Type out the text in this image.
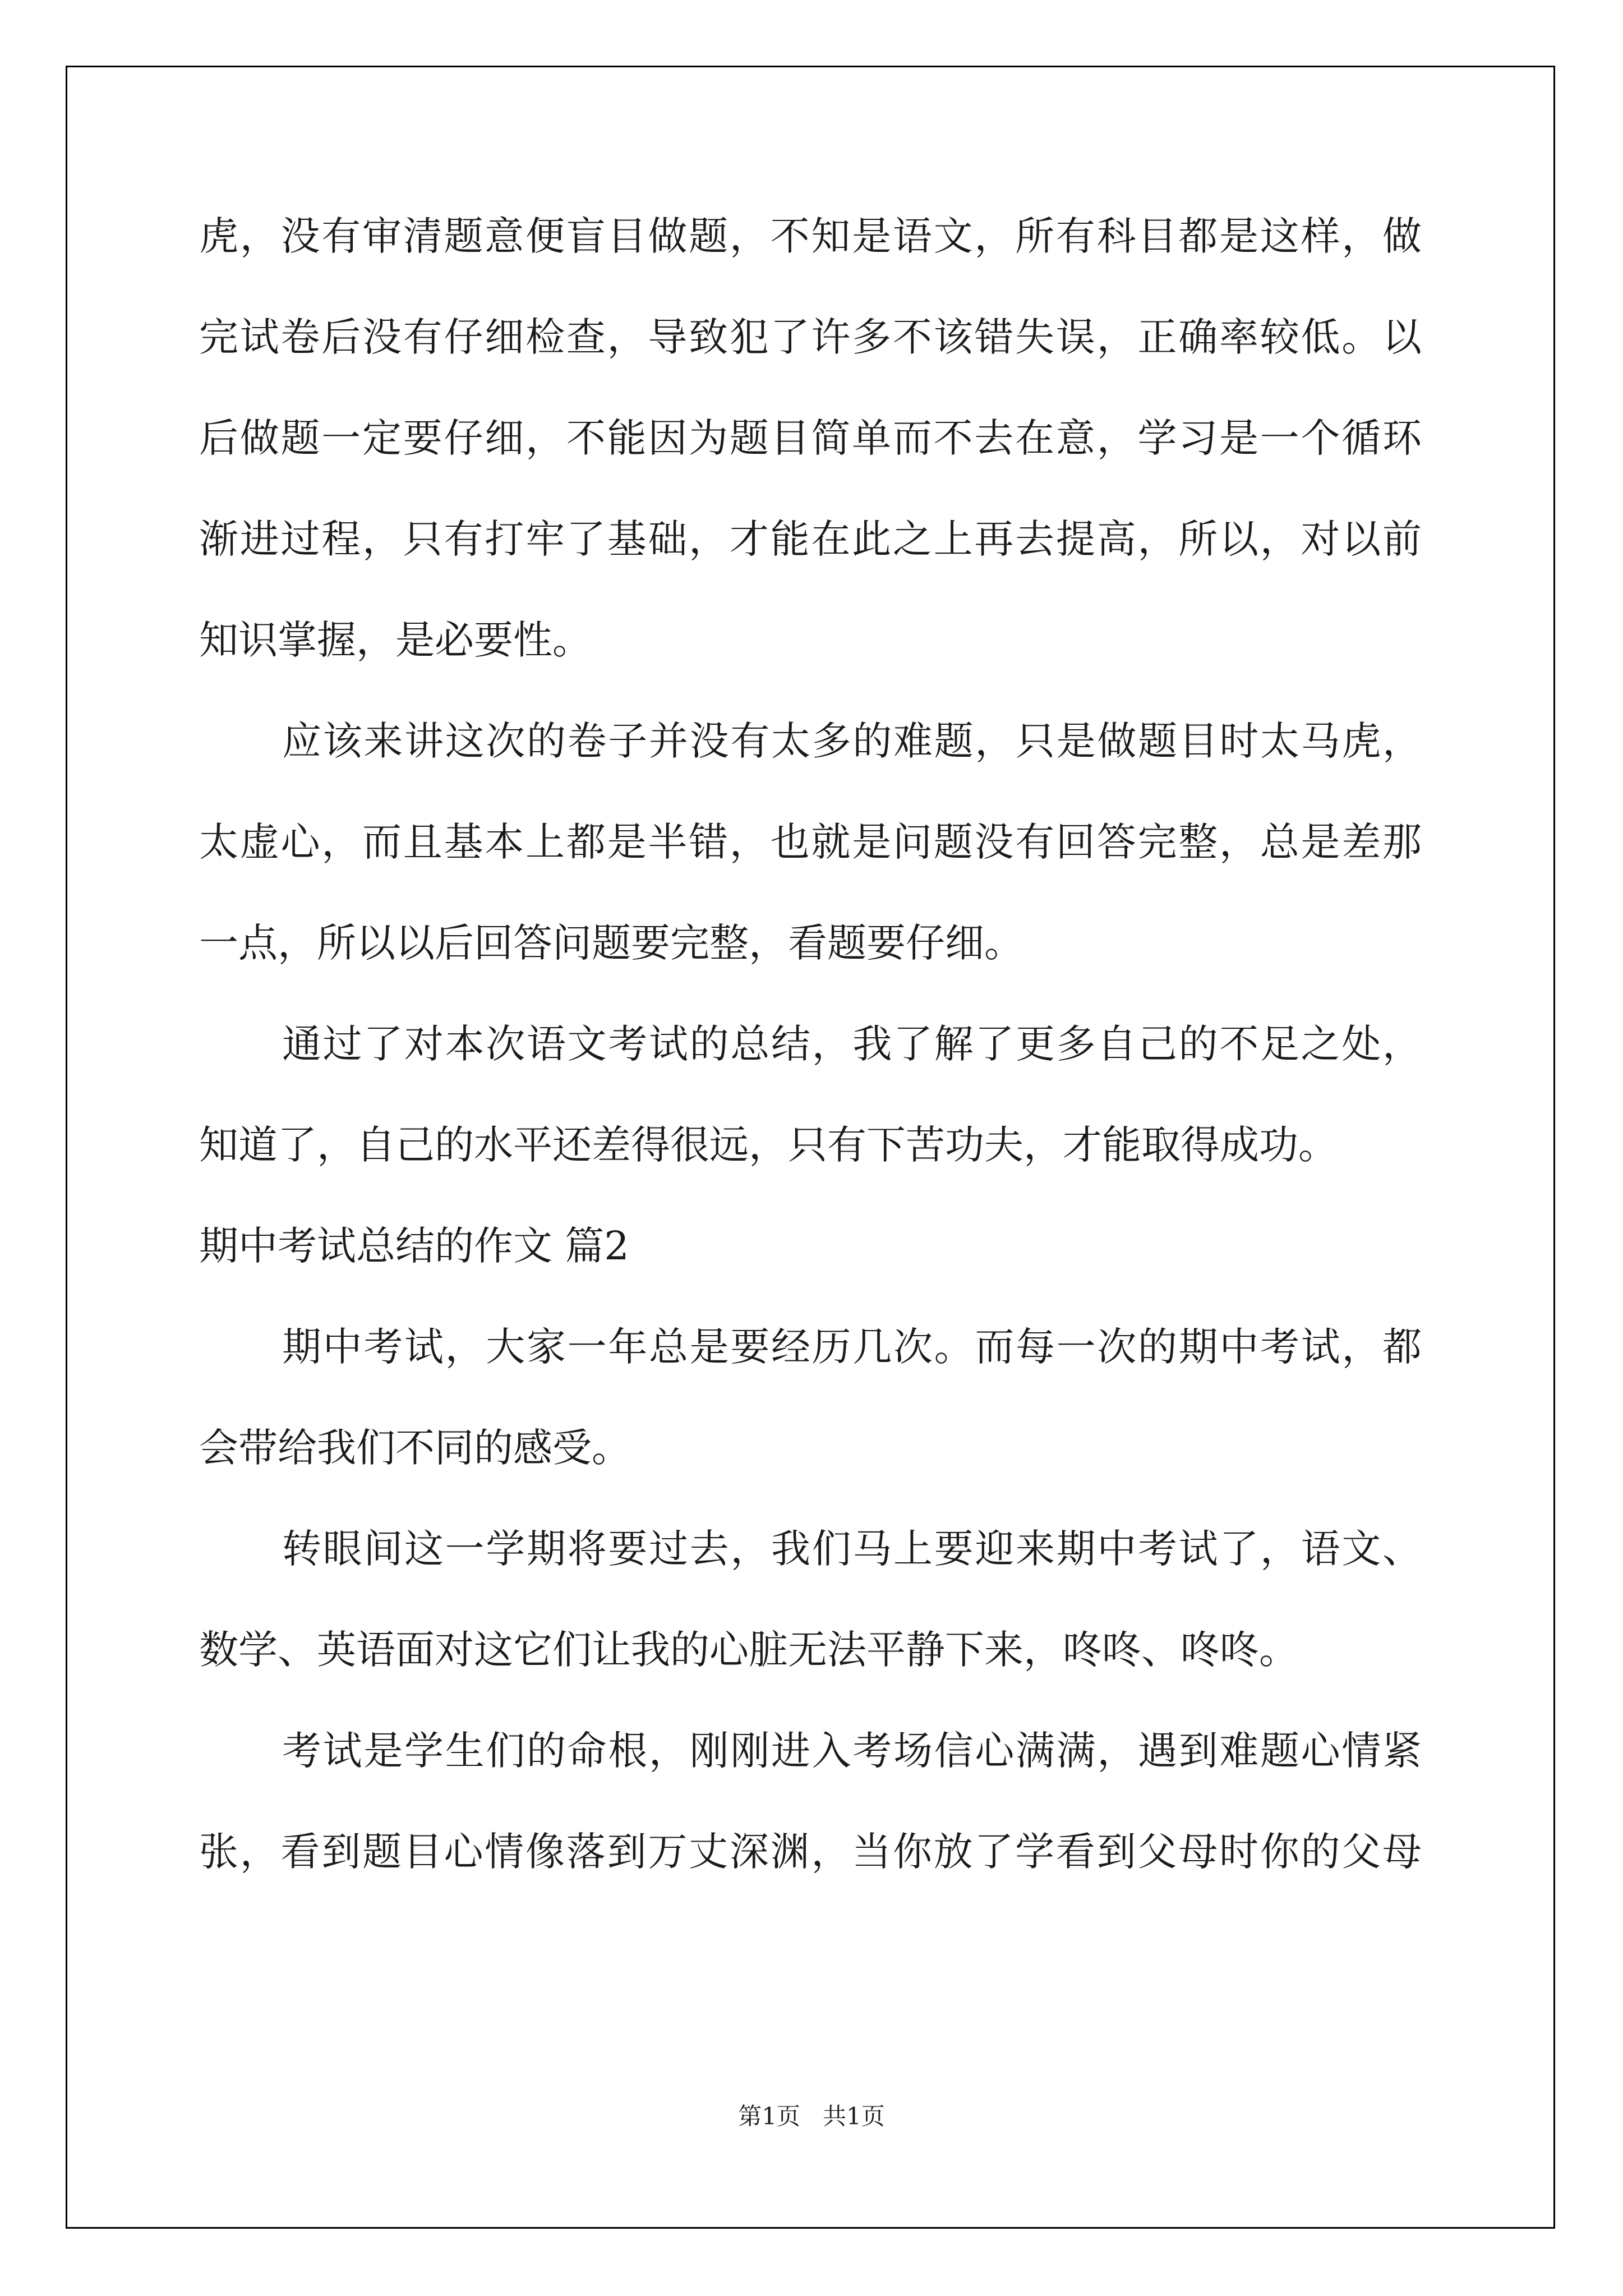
虎，没有审清题意便盲目做题，不知是语文，所有科目都是这样，做
完试卷后没有仔细检查，导致犯了许多不该错失误，正确率较低。以
后做题一定要仔细，不能因为题目简单而不去在意，学习是一个循环
渐进过程，只有打牢了基础，才能在此之上再去提高，所以，对以前
知识掌握，是必要性。
应该来讲这次的卷子并没有太多的难题，只是做题目时太马虎，
太虚心，而且基本上都是半错，也就是问题没有回答完整，总是差那
一点，所以以后回答问题要完整，看题要仔细。
通过了对本次语文考试的总结，我了解了更多自己的不足之处，
知道了，自己的水平还差得很远，只有下苦功夫，才能取得成功。
期中考试总结的作文 篇2
期中考试，大家一年总是要经历几次。而每一次的期中考试，都
会带给我们不同的感受。
转眼间这一学期将要过去，我们马上要迎来期中考试了，语文、
数学、英语面对这它们让我的心脏无法平静下来，咚咚、咚咚。
考试是学生们的命根，刚刚进入考场信心满满，遇到难题心情紧
张，看到题目心情像落到万丈深渊，当你放了学看到父母时你的父母
第1页   共1页
